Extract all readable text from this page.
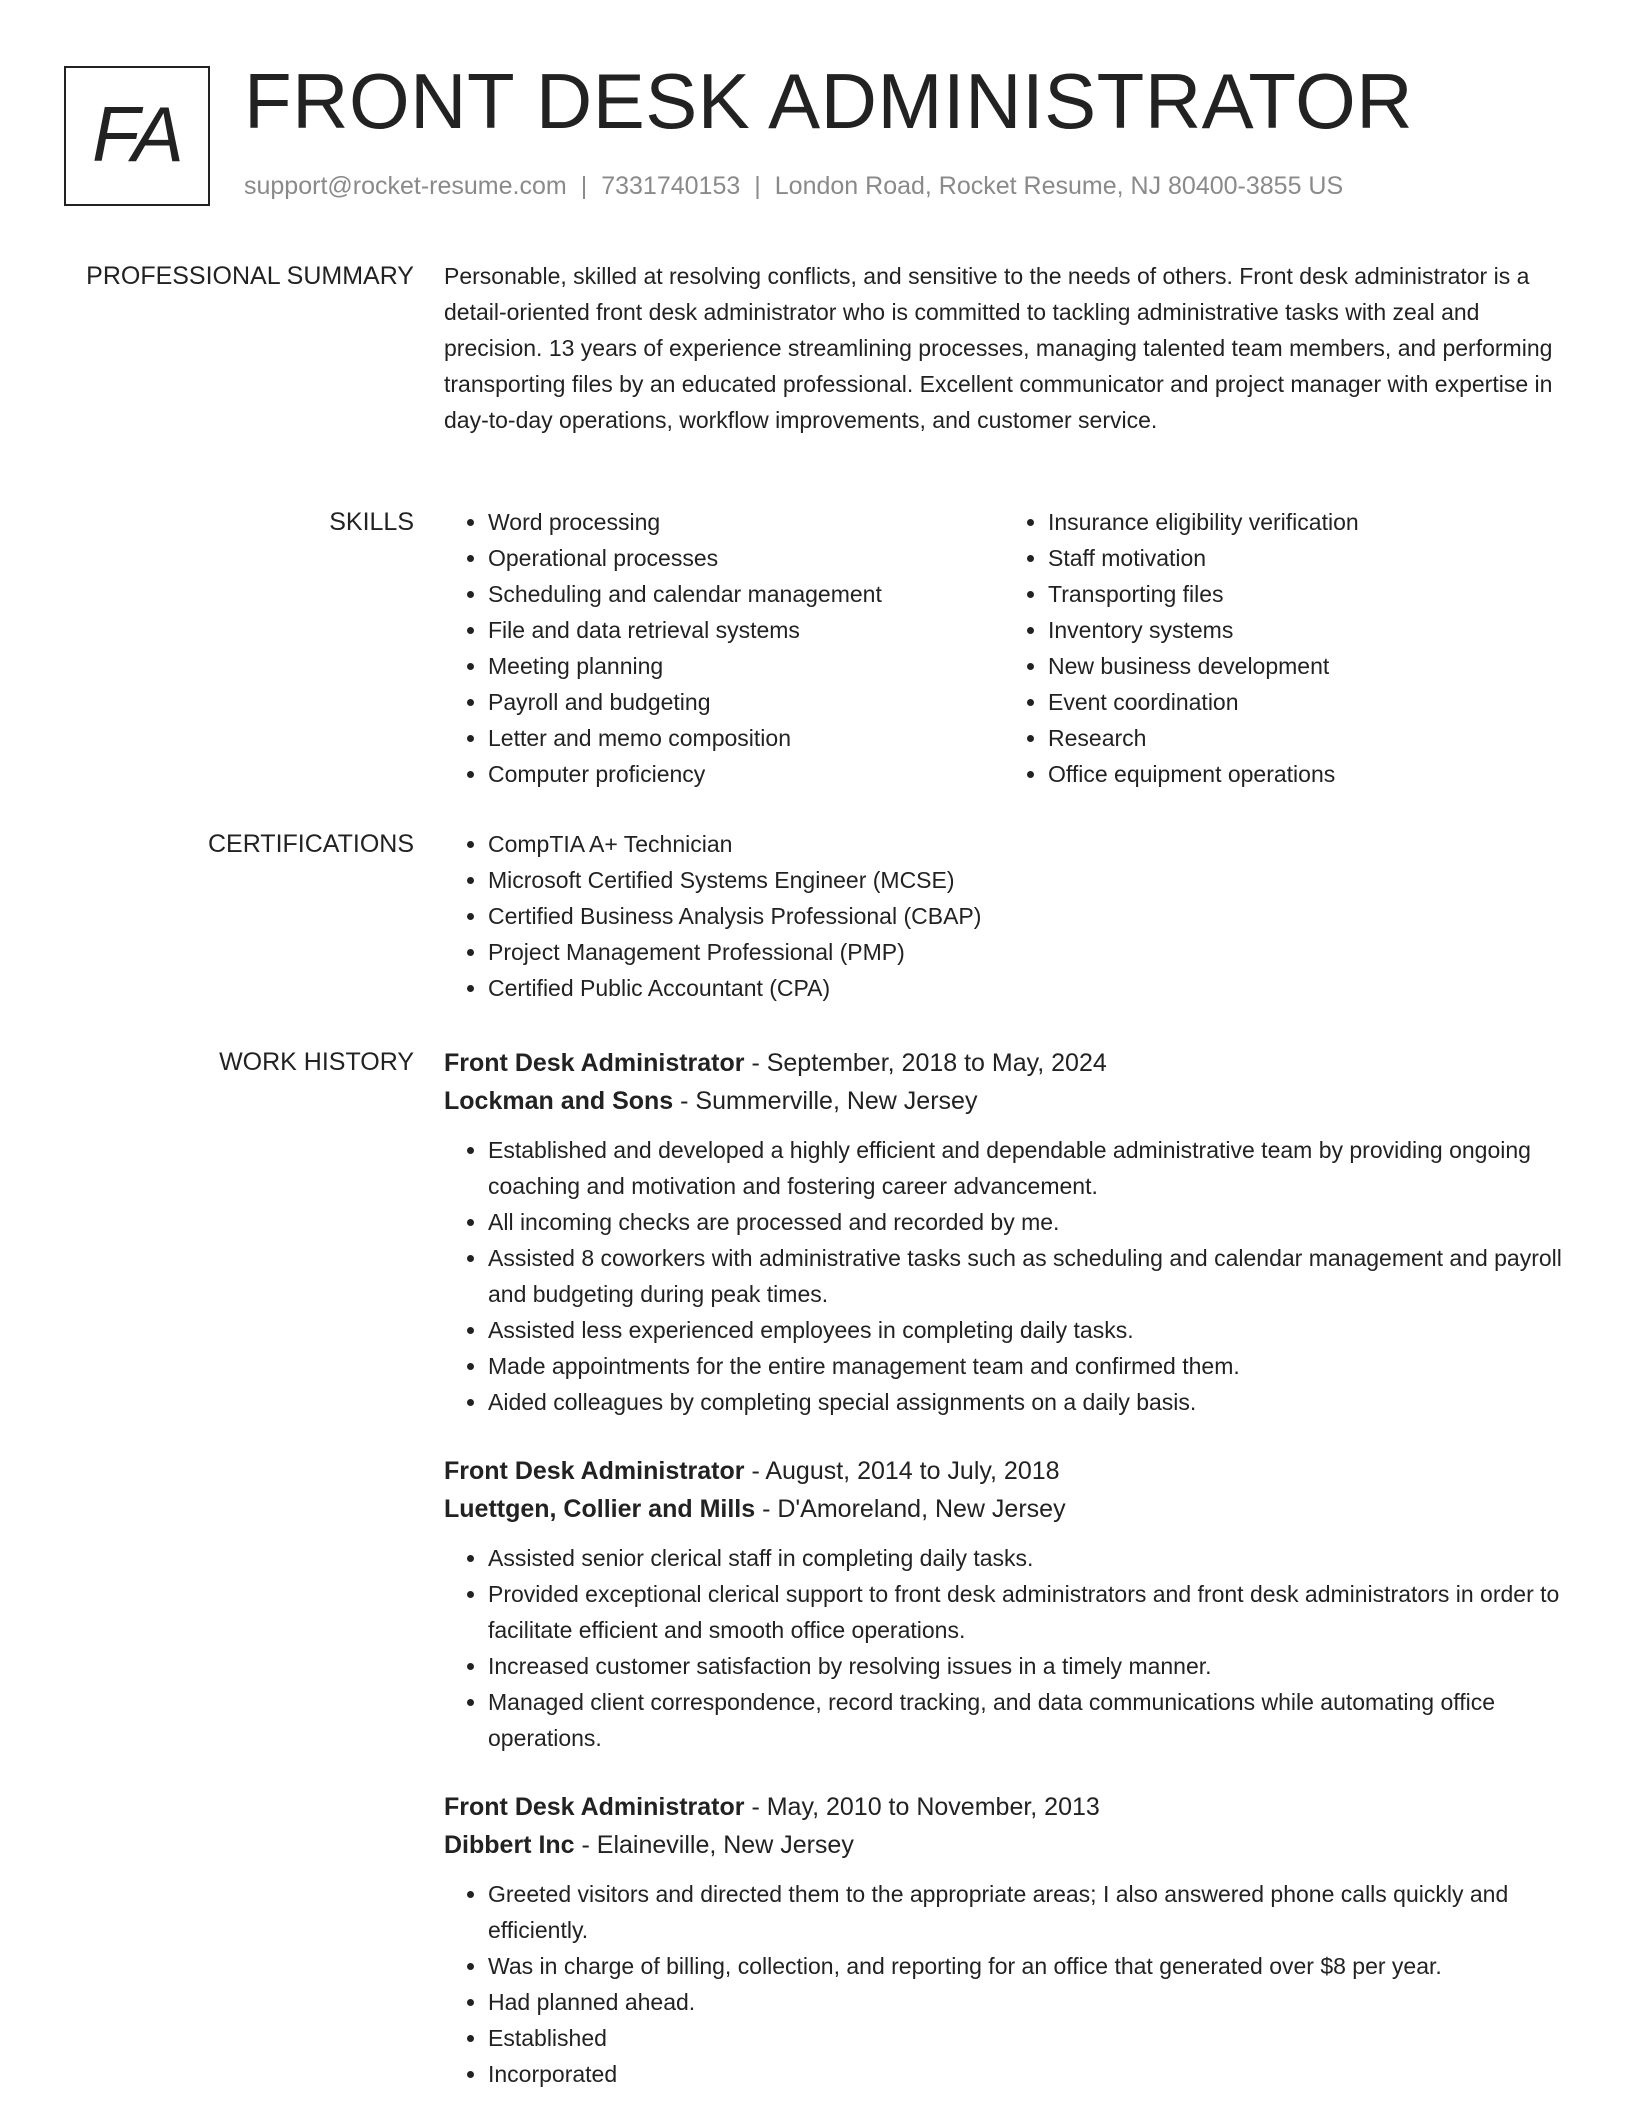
FA FRONT DESK ADMINISTRATOR
support@rocket-resume.com | 7331740153 | London Road, Rocket Resume, NJ 80400-3855 US
PROFESSIONAL SUMMARY Personable, skilled at resolving conflicts, and sensitive to the needs of others. Front desk administrator is a detail-oriented front desk administrator who is committed to tackling administrative tasks with zeal and precision. 13 years of experience streamlining processes, managing talented team members, and performing transporting files by an educated professional. Excellent communicator and project manager with expertise in day-to-day operations, workflow improvements, and customer service.

SKILLS	• Word processing
• Operational processes
• Scheduling and calendar management
• File and data retrieval systems
• Meeting planning
• Payroll and budgeting
• Letter and memo composition
• Computer proficiency
• Insurance eligibility verification
• Staff motivation
• Transporting files
• Inventory systems
• New business development
• Event coordination
• Research
• Office equipment operations
CERTIFICATIONS	• CompTIA A+ Technician
• Microsoft Certified Systems Engineer (MCSE)
• Certified Business Analysis Professional (CBAP)
• Project Management Professional (PMP)
• Certified Public Accountant (CPA)
WORK HISTORY Front Desk Administrator - September, 2018 to May, 2024
Lockman and Sons - Summerville, New Jersey
• Established and developed a highly efficient and dependable administrative team by providing ongoing coaching and motivation and fostering career advancement.
• All incoming checks are processed and recorded by me.
• Assisted 8 coworkers with administrative tasks such as scheduling and calendar management and payroll and budgeting during peak times.
• Assisted less experienced employees in completing daily tasks.
• Made appointments for the entire management team and confirmed them.
• Aided colleagues by completing special assignments on a daily basis.
Front Desk Administrator - August, 2014 to July, 2018
Luettgen, Collier and Mills - D'Amoreland, New Jersey
• Assisted senior clerical staff in completing daily tasks.
• Provided exceptional clerical support to front desk administrators and front desk administrators in order to facilitate efficient and smooth office operations.
• Increased customer satisfaction by resolving issues in a timely manner.
• Managed client correspondence, record tracking, and data communications while automating office operations.
Front Desk Administrator - May, 2010 to November, 2013
Dibbert Inc - Elaineville, New Jersey
• Greeted visitors and directed them to the appropriate areas; I also answered phone calls quickly and efficiently.
• Was in charge of billing, collection, and reporting for an office that generated over $8 per year.
• Had planned ahead.
• Established
• Incorporated
